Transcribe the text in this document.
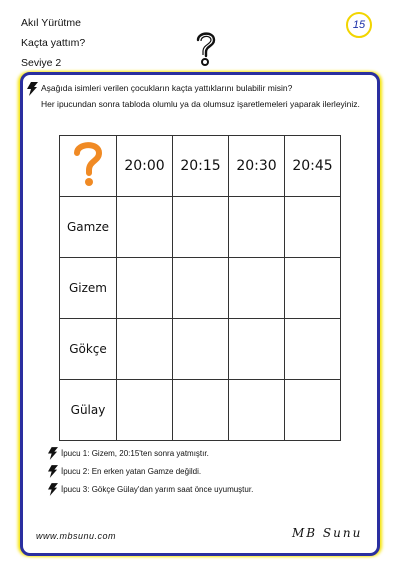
Akıl Yürütme
Kaçta yattım?
Seviye 2
15
Aşağıda isimleri verilen çocukların kaçta yattıklarını bulabilir misin?
Her ipucundan sonra tabloda olumlu ya da olumsuz işaretlemeleri yaparak ilerleyiniz.
	20:00	20:15	20:30	20:45
Gamze				
Gizem				
Gökçe				
Gülay				
İpucu 1: Gizem, 20:15'ten sonra yatmıştır.
İpucu 2: En erken yatan Gamze değildi.
İpucu 3: Gökçe Gülay'dan yarım saat önce uyumuştur.
www.mbsunu.com	MB Sunu
